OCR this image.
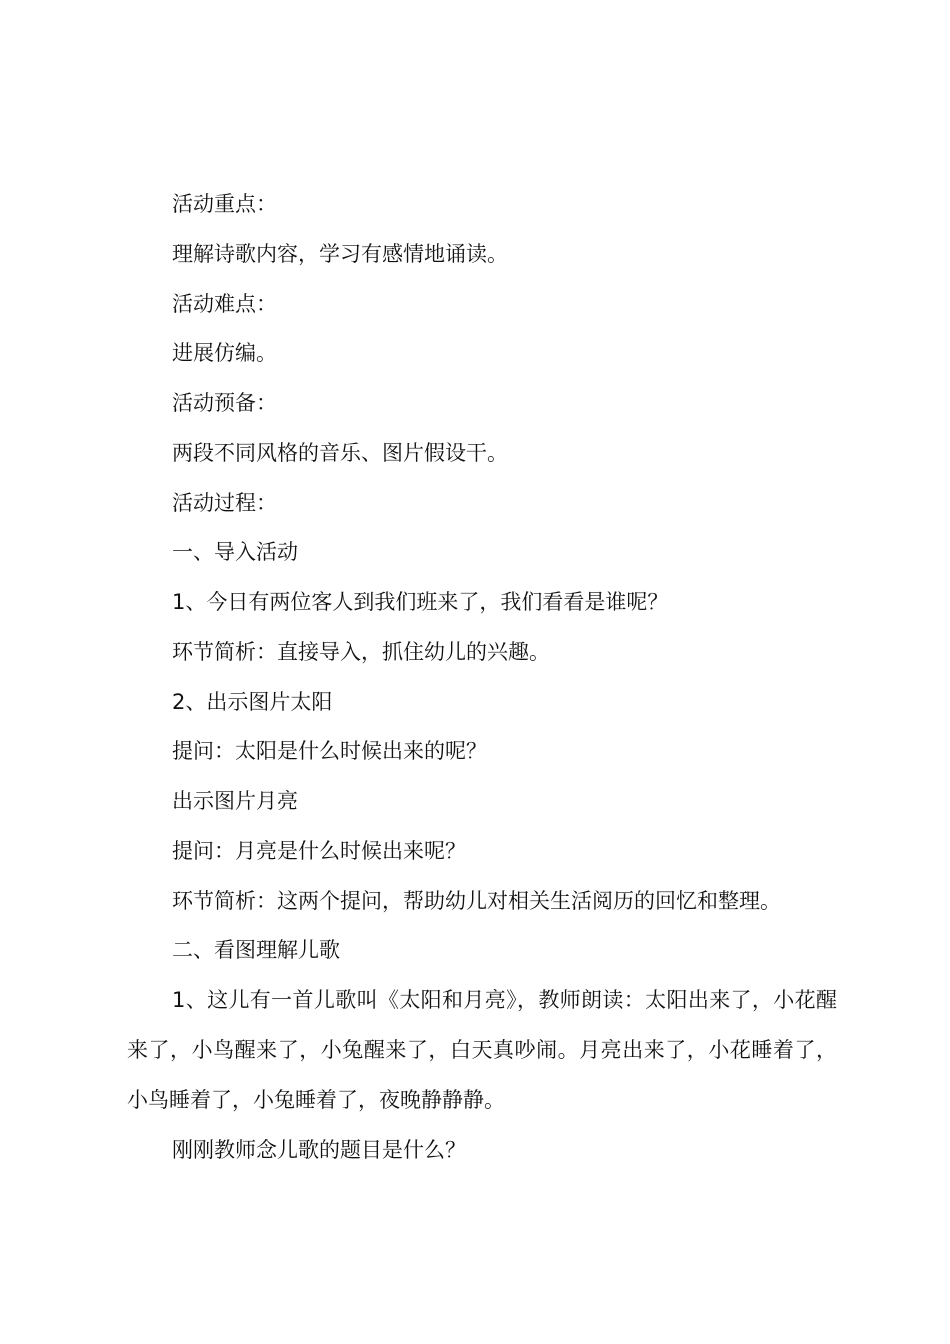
活动重点：

理解诗歌内容，学习有感情地诵读。

活动难点：

进展仿编。

活动预备：

两段不同风格的音乐、图片假设干。

活动过程：

一、导入活动

1、今日有两位客人到我们班来了，我们看看是谁呢？

环节简析：直接导入，抓住幼儿的兴趣。

2、出示图片太阳

提问：太阳是什么时候出来的呢？

出示图片月亮

提问：月亮是什么时候出来呢？

环节简析：这两个提问，帮助幼儿对相关生活阅历的回忆和整理。

二、看图理解儿歌

1、这儿有一首儿歌叫《太阳和月亮》，教师朗读：太阳出来了，小花醒来了，小鸟醒来了，小兔醒来了，白天真吵闹。月亮出来了，小花睡着了，小鸟睡着了，小兔睡着了，夜晚静静静。

刚刚教师念儿歌的题目是什么？
